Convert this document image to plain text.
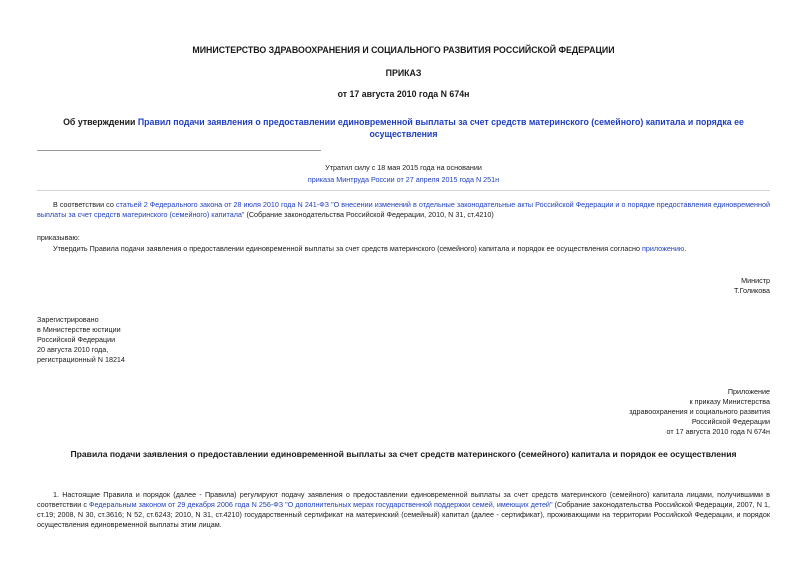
МИНИСТЕРСТВО ЗДРАВООХРАНЕНИЯ И СОЦИАЛЬНОГО РАЗВИТИЯ РОССИЙСКОЙ ФЕДЕРАЦИИ
ПРИКАЗ
от 17 августа 2010 года N 674н
Об утверждении Правил подачи заявления о предоставлении единовременной выплаты за счет средств материнского (семейного) капитала и порядка ее осуществления
Утратил силу с 18 мая 2015 года на основании
приказа Минтруда России от 27 апреля 2015 года N 251н
В соответствии со статьей 2 Федерального закона от 28 июля 2010 года N 241-ФЗ "О внесении изменений в отдельные законодательные акты Российской Федерации и о порядке предоставления единовременной выплаты за счет средств материнского (семейного) капитала" (Собрание законодательства Российской Федерации, 2010, N 31, ст.4210)
приказываю:
Утвердить Правила подачи заявления о предоставлении единовременной выплаты за счет средств материнского (семейного) капитала и порядок ее осуществления согласно приложению.
Министр
Т.Голикова
Зарегистрировано
в Министерстве юстиции
Российской Федерации
20 августа 2010 года,
регистрационный N 18214
Приложение
к приказу Министерства
здравоохранения и социального развития
Российской Федерации
от 17 августа 2010 года N 674н
Правила подачи заявления о предоставлении единовременной выплаты за счет средств материнского (семейного) капитала и порядок ее осуществления
1. Настоящие Правила и порядок (далее - Правила) регулируют подачу заявления о предоставлении единовременной выплаты за счет средств материнского (семейного) капитала лицами, получившими в соответствии с Федеральным законом от 29 декабря 2006 года N 256-ФЗ "О дополнительных мерах государственной поддержки семей, имеющих детей" (Собрание законодательства Российской Федерации, 2007, N 1, ст.19; 2008, N 30, ст.3616; N 52, ст.6243; 2010, N 31, ст.4210) государственный сертификат на материнский (семейный) капитал (далее - сертификат), проживающими на территории Российской Федерации, и порядок осуществления единовременной выплаты этим лицам.
